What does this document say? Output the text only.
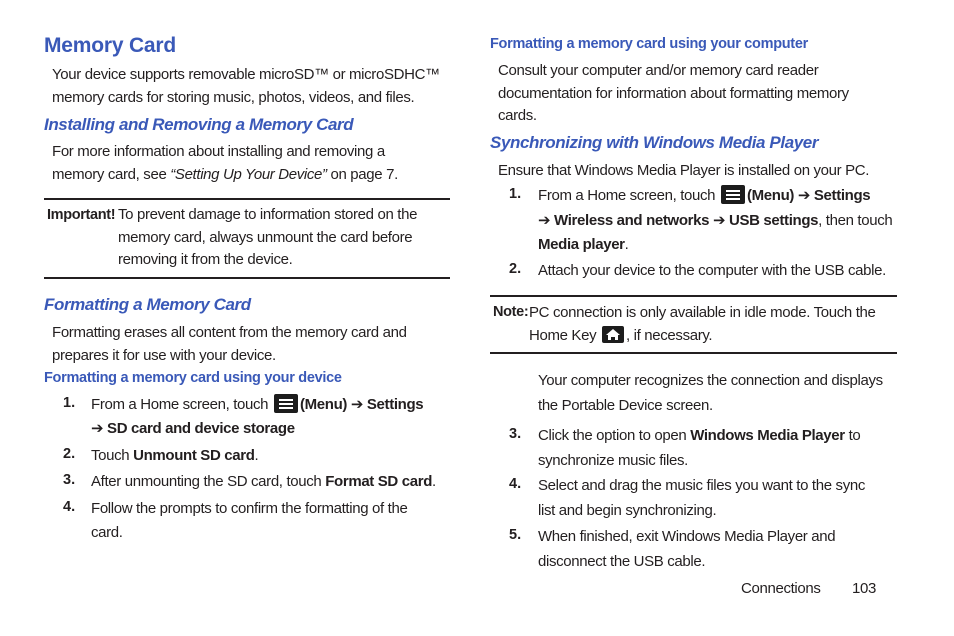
Memory Card
Your device supports removable microSD™ or microSDHC™
memory cards for storing music, photos, videos, and files.
Installing and Removing a Memory Card
For more information about installing and removing a
memory card, see “Setting Up Your Device” on page 7.
Important! To prevent damage to information stored on the
memory card, always unmount the card before
removing it from the device.
Formatting a Memory Card
Formatting erases all content from the memory card and
prepares it for use with your device.
Formatting a memory card using your device
1. From a Home screen, touch
(Menu) ➔ Settings
➔ SD card and device storage
2. Touch Unmount SD card.
3. After unmounting the SD card, touch Format SD card.
4. Follow the prompts to confirm the formatting of the
card.
Formatting a memory card using your computer
Consult your computer and/or memory card reader
documentation for information about formatting memory
cards.
Synchronizing with Windows Media Player
Ensure that Windows Media Player is installed on your PC.
1. From a Home screen, touch
(Menu) ➔ Settings
➔ Wireless and networks ➔ USB settings, then touch
Media player.
2. Attach your device to the computer with the USB cable.
Note: PC connection is only available in idle mode. Touch the
Home Key
, if necessary.
Your computer recognizes the connection and displays
the Portable Device screen.
3. Click the option to open Windows Media Player to
synchronize music files.
4. Select and drag the music files you want to the sync
list and begin synchronizing.
5. When finished, exit Windows Media Player and
disconnect the USB cable.
Connections 103
